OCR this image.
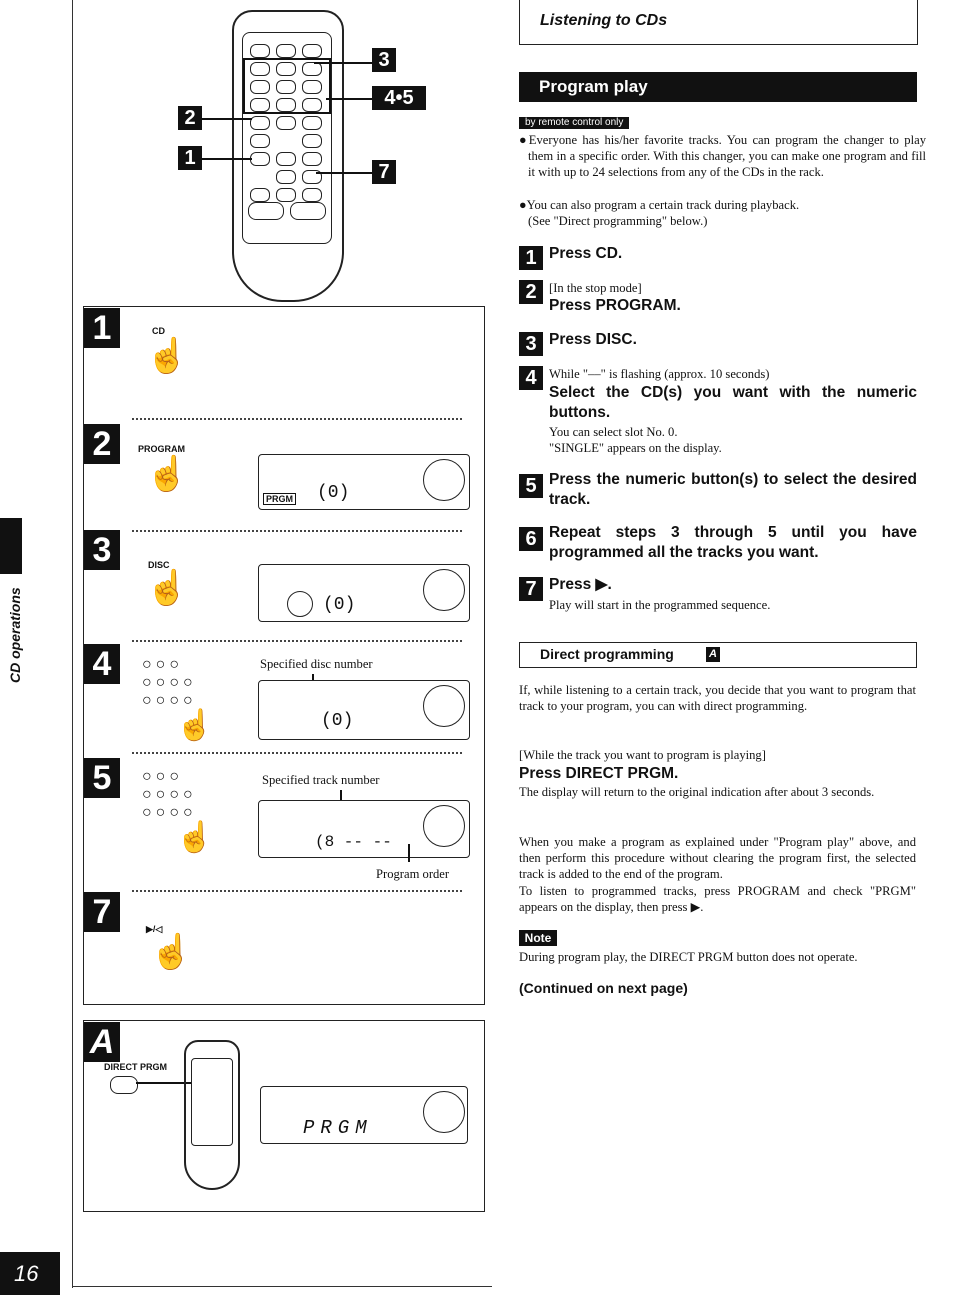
CD operations
16

3
4•5
2
1
7
1	CD
☝
2	PROGRAM
☝
PRGM (0)
3	DISC
☝	(0)
4	○○○
○○○○
○○○○
☝
Specified disc number
(0)
5	○○○
○○○○
○○○○
☝
Specified track number
(8 -- --
Program order
7	▶/◁
☝
A
DIRECT PRGM
PRGM
Listening to CDs
Program play
by remote control only
●Everyone has his/her favorite tracks. You can program the changer to play them in a specific order. With this changer, you can make one program and fill it with up to 24 selections from any of the CDs in the rack.
●You can also program a certain track during playback.
(See "Direct programming" below.)
1 Press CD.
2 [In the stop mode]
Press PROGRAM.
3 Press DISC.
4 While "‒‒" is flashing (approx. 10 seconds)
Select the CD(s) you want with the numeric buttons.
You can select slot No. 0.
"SINGLE" appears on the display.
5 Press the numeric button(s) to select the desired track.
6 Repeat steps 3 through 5 until you have programmed all the tracks you want.
7 Press ▶.
Play will start in the programmed sequence.
Direct programming	A
If, while listening to a certain track, you decide that you want to program that track to your program, you can with direct programming.
[While the track you want to program is playing]
Press DIRECT PRGM.
The display will return to the original indication after about 3 seconds.
When you make a program as explained under "Program play" above, and then perform this procedure without clearing the program first, the selected track is added to the end of the program.
To listen to programmed tracks, press PROGRAM and check "PRGM" appears on the display, then press ▶.
Note
During program play, the DIRECT PRGM button does not operate.
(Continued on next page)
